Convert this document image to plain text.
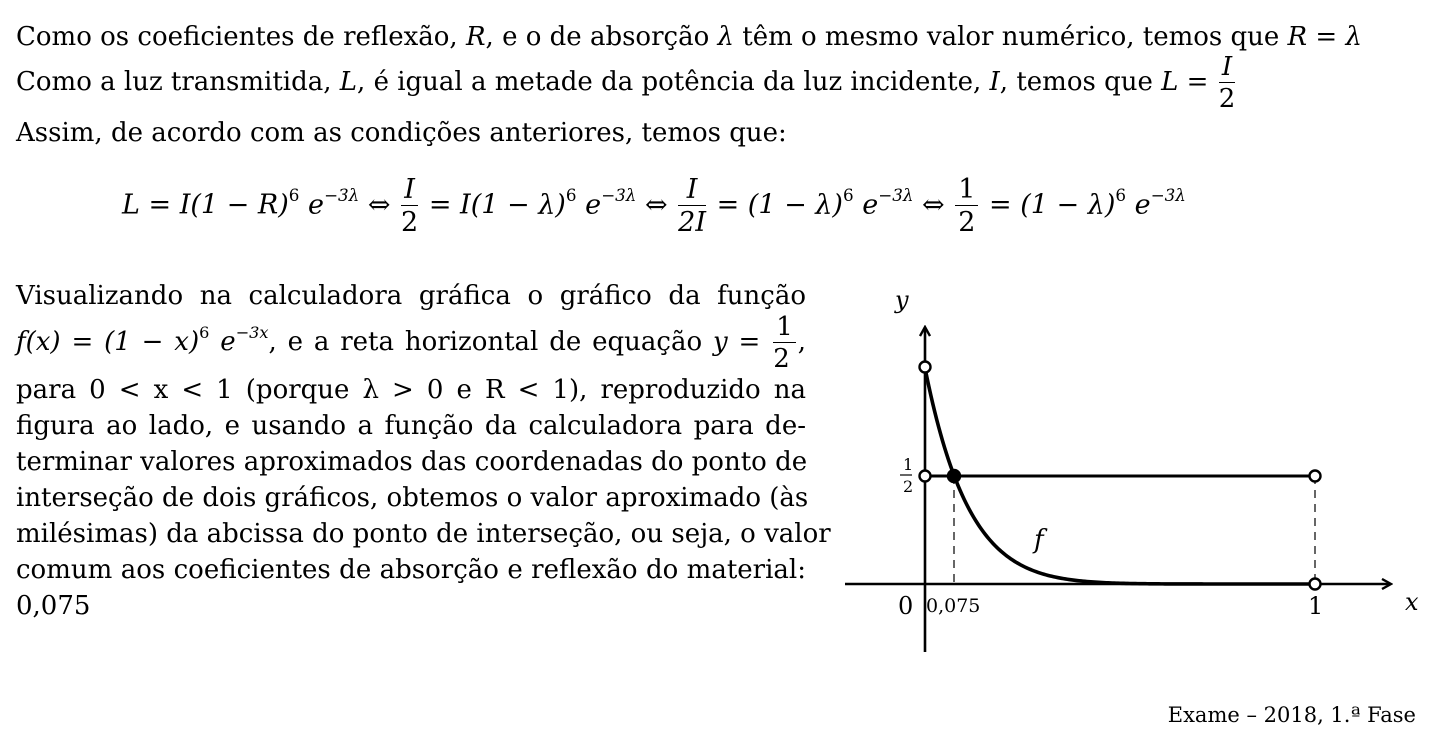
Como os coeficientes de reflexão, R, e o de absorção λ têm o mesmo valor numérico, temos que R = λ
Como a luz transmitida, L, é igual a metade da potência da luz incidente, I, temos que $L = \frac{I}{2}$
Assim, de acordo com as condições anteriores, temos que:
$L = I(1 - R)^6$ $e^{-3\lambda}$ ⇔ $\frac{I}{2} = I(1 - \lambda)^6$ $e^{-3\lambda}$ ⇔ $\frac{I}{2I} = (1 - \lambda)^6$ $e^{-3\lambda}$ ⇔ $\frac{1}{2} = (1 - \lambda)^6$ $e^{-3\lambda}$
Visualizando na calculadora gráfica o gráfico da função
$f(x) = (1 - x)^6$ $e^{-3x}$, e a reta horizontal de equação $y = \frac{1}{2}$ ,
para 0 < x < 1 (porque λ > 0 e R < 1), reproduzido na
figura ao lado, e usando a função da calculadora para de-
terminar valores aproximados das coordenadas do ponto de
interseção de dois gráficos, obtemos o valor aproximado (às
milésimas) da abcissa do ponto de interseção, ou seja, o valor
comum aos coeficientes de absorção e reflexão do material:
0,075
y
x
0 0,075	1
1
2
f
Exame – 2018, 1.ª Fase
